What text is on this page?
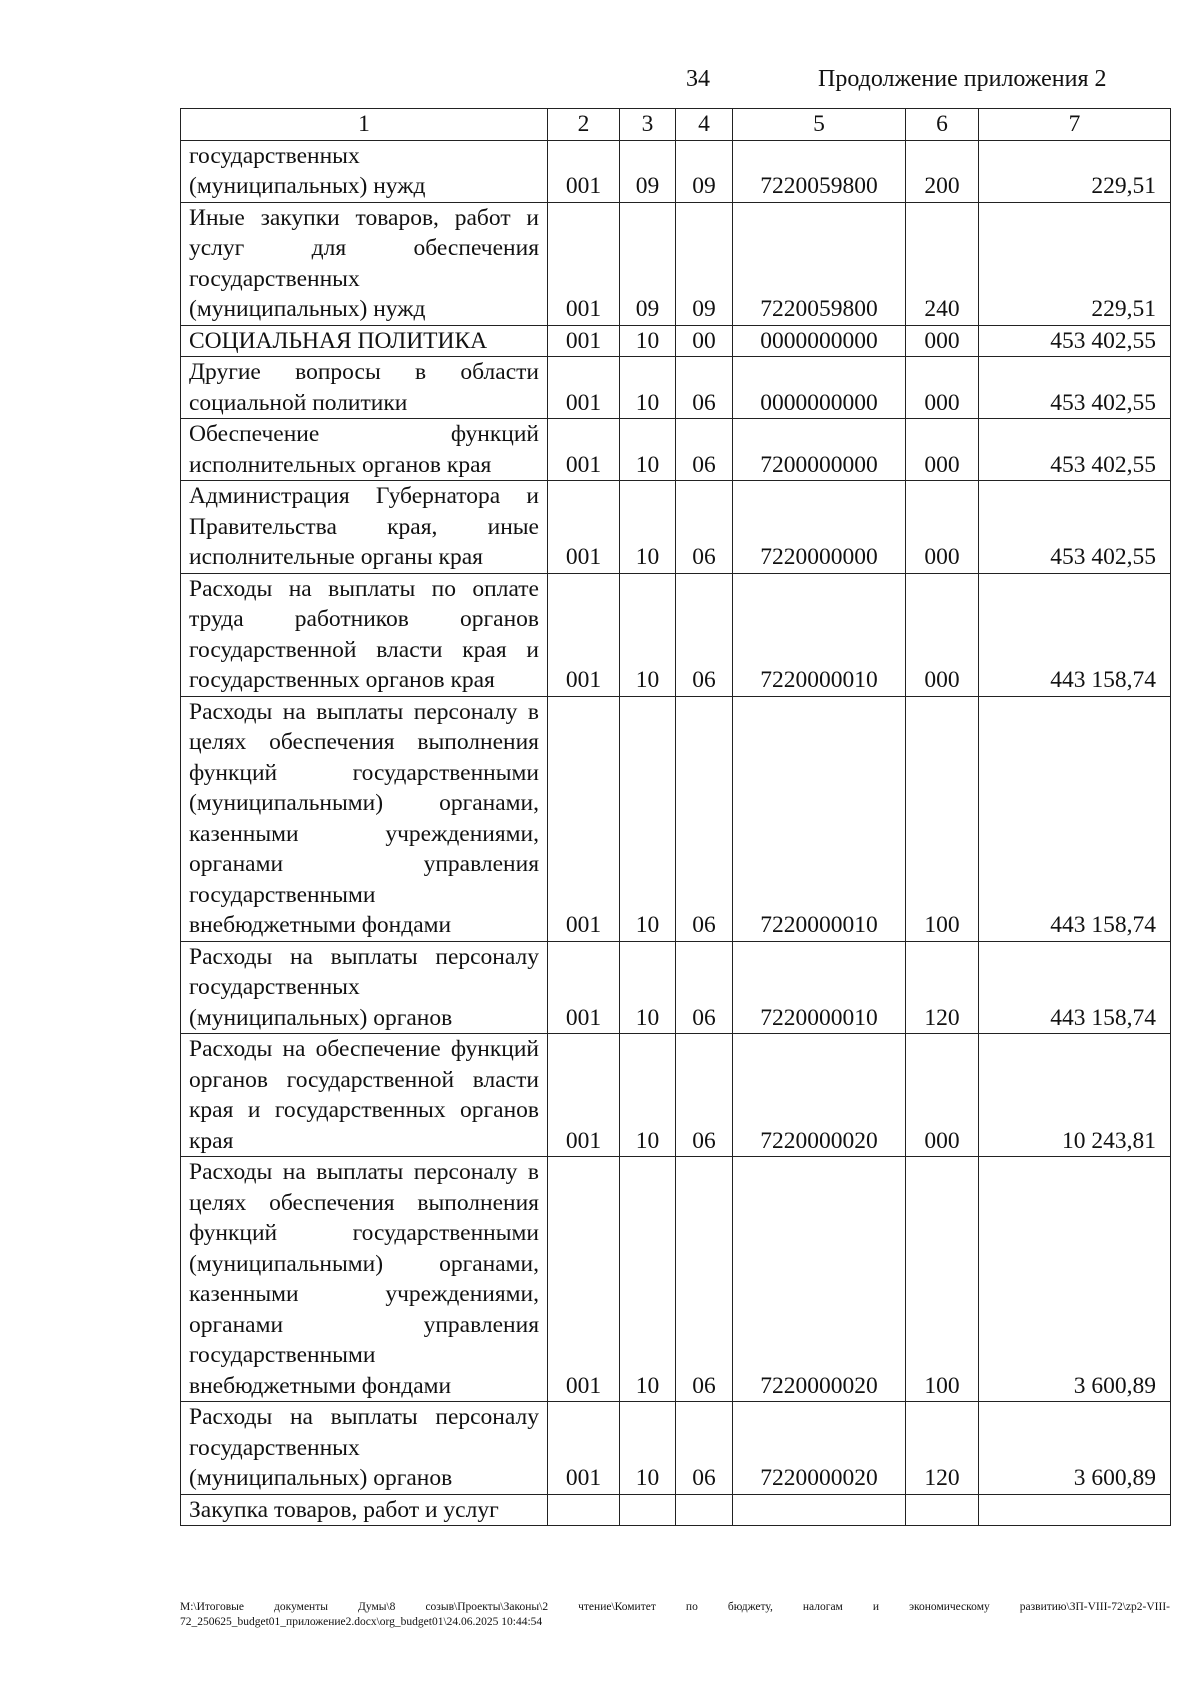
34	Продолжение приложения 2
1	2	3	4	5	6	7
государственных (муниципальных) нужд	001	09	09	7220059800	200	229,51
Иные закупки товаров, работ и услуг для обеспечения государственных (муниципальных) нужд	001	09	09	7220059800	240	229,51
СОЦИАЛЬНАЯ ПОЛИТИКА	001	10	00	0000000000	000	453 402,55
Другие вопросы в области социальной политики	001	10	06	0000000000	000	453 402,55
Обеспечение функций исполнительных органов края	001	10	06	7200000000	000	453 402,55
Администрация Губернатора и Правительства края, иные исполнительные органы края	001	10	06	7220000000	000	453 402,55
Расходы на выплаты по оплате труда работников органов государственной власти края и государственных органов края	001	10	06	7220000010	000	443 158,74
Расходы на выплаты персоналу в целях обеспечения выполнения функций государственными (муниципальными) органами, казенными учреждениями, органами управления государственными внебюджетными фондами	001	10	06	7220000010	100	443 158,74
Расходы на выплаты персоналу государственных (муниципальных) органов	001	10	06	7220000010	120	443 158,74
Расходы на обеспечение функций органов государственной власти края и государственных органов края	001	10	06	7220000020	000	10 243,81
Расходы на выплаты персоналу в целях обеспечения выполнения функций государственными (муниципальными) органами, казенными учреждениями, органами управления государственными внебюджетными фондами	001	10	06	7220000020	100	3 600,89
Расходы на выплаты персоналу государственных (муниципальных) органов	001	10	06	7220000020	120	3 600,89
Закупка товаров, работ и услуг						
М:\Итоговые документы Думы\8 созыв\Проекты\Законы\2 чтение\Комитет по бюджету, налогам и экономическому развитию\ЗП-VIII-72\zp2-VIII-
72_250625_budget01_приложение2.docx\org_budget01\24.06.2025 10:44:54
